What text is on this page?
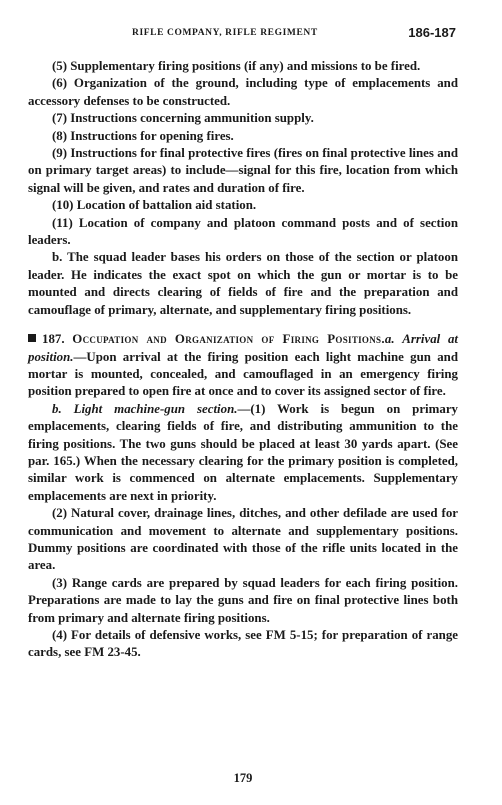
RIFLE COMPANY, RIFLE REGIMENT	186-187

(5) Supplementary firing positions (if any) and missions to be fired.

(6) Organization of the ground, including type of emplacements and accessory defenses to be constructed.

(7) Instructions concerning ammunition supply.

(8) Instructions for opening fires.

(9) Instructions for final protective fires (fires on final protective lines and on primary target areas) to include—signal for this fire, location from which signal will be given, and rates and duration of fire.

(10) Location of battalion aid station.

(11) Location of company and platoon command posts and of section leaders.

b. The squad leader bases his orders on those of the section or platoon leader. He indicates the exact spot on which the gun or mortar is to be mounted and directs clearing of fields of fire and the preparation and camouflage of primary, alternate, and supplementary firing positions.

187. Occupation and Organization of Firing Positions.a. Arrival at position.—Upon arrival at the firing position each light machine gun and mortar is mounted, concealed, and camouflaged in an emergency firing position prepared to open fire at once and to cover its assigned sector of fire.

b. Light machine-gun section.—(1) Work is begun on primary emplacements, clearing fields of fire, and distributing ammunition to the firing positions. The two guns should be placed at least 30 yards apart. (See par. 165.) When the necessary clearing for the primary position is completed, similar work is commenced on alternate emplacements. Supplementary emplacements are next in priority.

(2) Natural cover, drainage lines, ditches, and other defilade are used for communication and movement to alternate and supplementary positions. Dummy positions are coordinated with those of the rifle units located in the area.

(3) Range cards are prepared by squad leaders for each firing position. Preparations are made to lay the guns and fire on final protective lines both from primary and alternate firing positions.

(4) For details of defensive works, see FM 5-15; for preparation of range cards, see FM 23-45.

179
